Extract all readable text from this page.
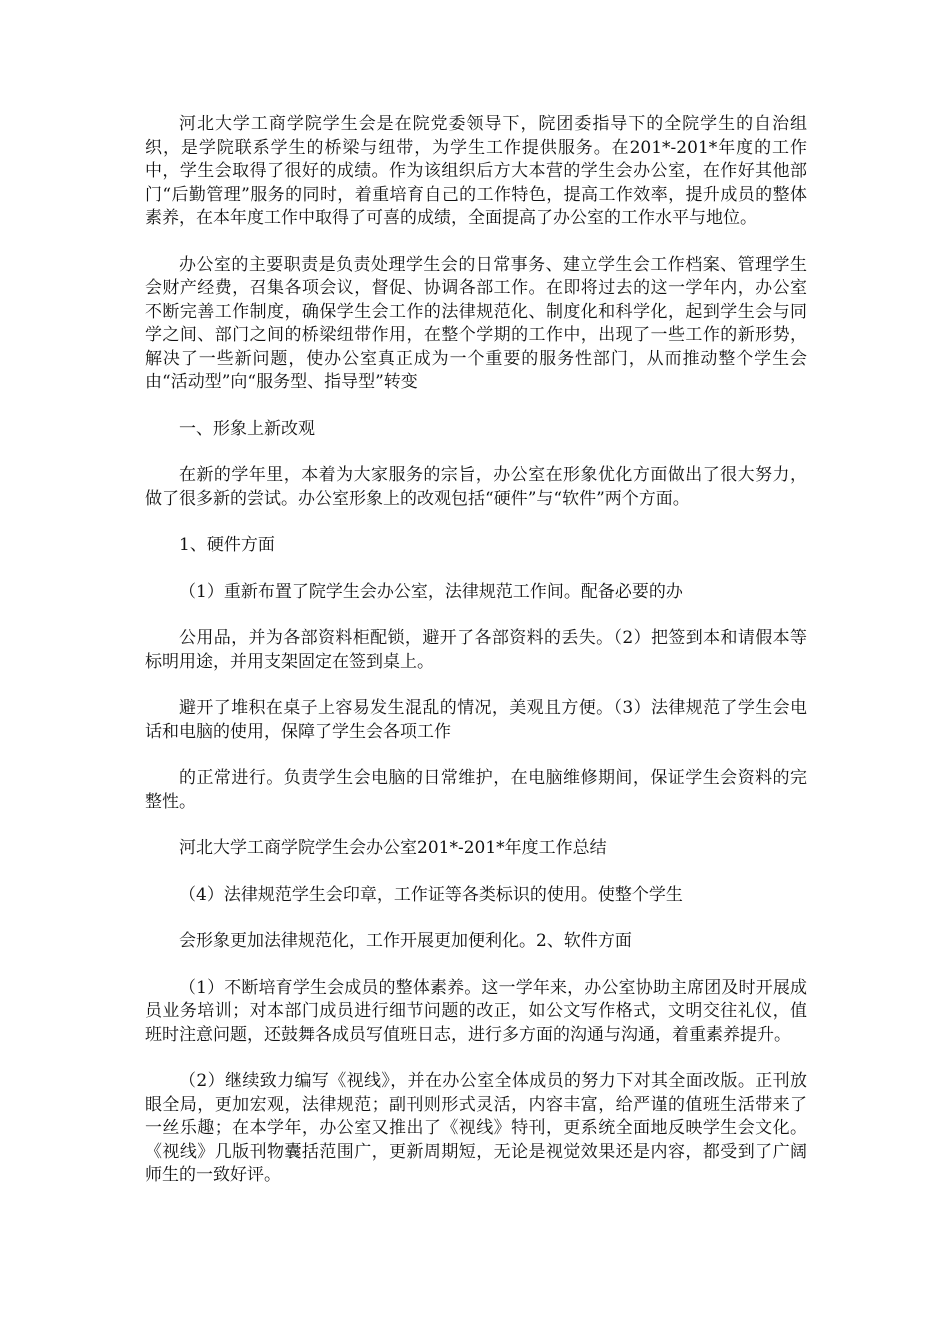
河北大学工商学院学生会是在院党委领导下，院团委指导下的全院学生的自治组织，是学院联系学生的桥梁与纽带，为学生工作提供服务。在201*-201*年度的工作中，学生会取得了很好的成绩。作为该组织后方大本营的学生会办公室，在作好其他部门“后勤管理”服务的同时，着重培育自己的工作特色，提高工作效率，提升成员的整体素养，在本年度工作中取得了可喜的成绩，全面提高了办公室的工作水平与地位。

办公室的主要职责是负责处理学生会的日常事务、建立学生会工作档案、管理学生会财产经费，召集各项会议，督促、协调各部工作。在即将过去的这一学年内，办公室不断完善工作制度，确保学生会工作的法律规范化、制度化和科学化，起到学生会与同学之间、部门之间的桥梁纽带作用，在整个学期的工作中，出现了一些工作的新形势，解决了一些新问题，使办公室真正成为一个重要的服务性部门，从而推动整个学生会由“活动型”向“服务型、指导型”转变

一、形象上新改观

在新的学年里，本着为大家服务的宗旨，办公室在形象优化方面做出了很大努力，做了很多新的尝试。办公室形象上的改观包括“硬件”与“软件”两个方面。

1、硬件方面

（1）重新布置了院学生会办公室，法律规范工作间。配备必要的办

公用品，并为各部资料柜配锁，避开了各部资料的丢失。（2）把签到本和请假本等标明用途，并用支架固定在签到桌上。

避开了堆积在桌子上容易发生混乱的情况，美观且方便。（3）法律规范了学生会电话和电脑的使用，保障了学生会各项工作

的正常进行。负责学生会电脑的日常维护，在电脑维修期间，保证学生会资料的完整性。

河北大学工商学院学生会办公室201*-201*年度工作总结

（4）法律规范学生会印章，工作证等各类标识的使用。使整个学生

会形象更加法律规范化，工作开展更加便利化。2、软件方面

（1）不断培育学生会成员的整体素养。这一学年来，办公室协助主席团及时开展成员业务培训；对本部门成员进行细节问题的改正，如公文写作格式，文明交往礼仪，值班时注意问题，还鼓舞各成员写值班日志，进行多方面的沟通与沟通，着重素养提升。

（2）继续致力编写《视线》，并在办公室全体成员的努力下对其全面改版。正刊放眼全局，更加宏观，法律规范；副刊则形式灵活，内容丰富，给严谨的值班生活带来了一丝乐趣；在本学年，办公室又推出了《视线》特刊，更系统全面地反映学生会文化。《视线》几版刊物囊括范围广，更新周期短，无论是视觉效果还是内容，都受到了广阔师生的一致好评。
